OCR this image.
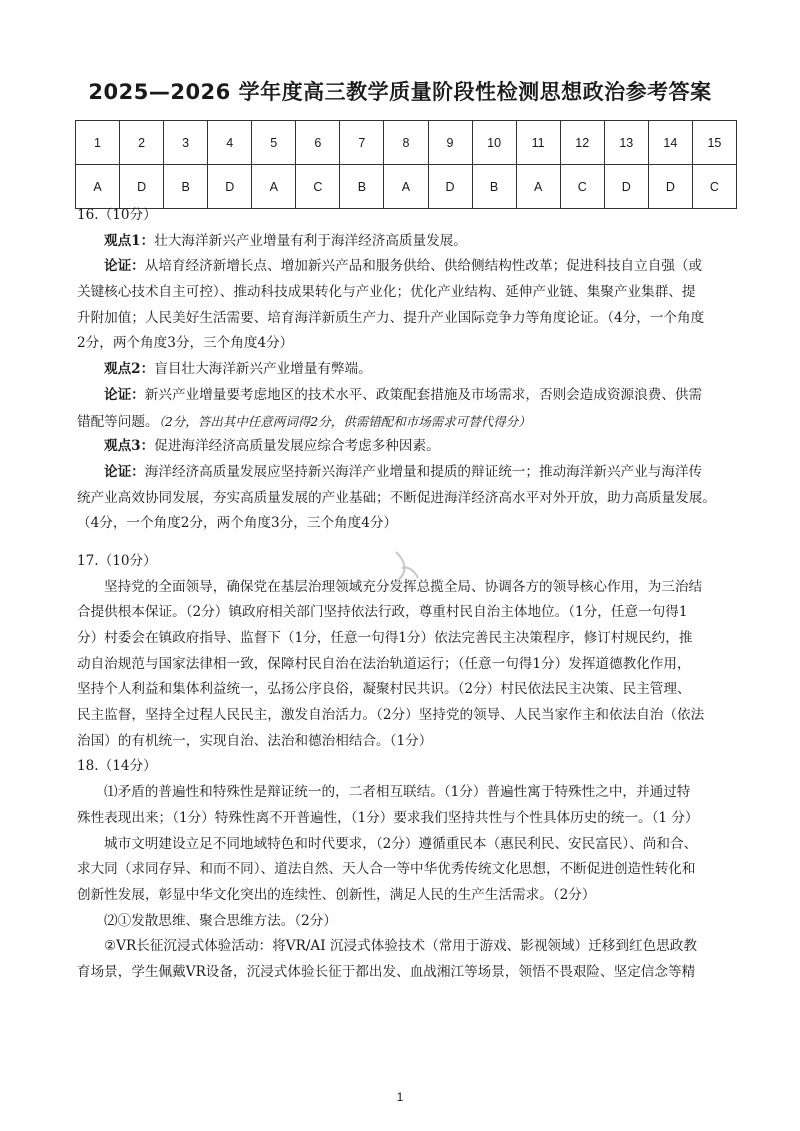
2025—2026 学年度高三教学质量阶段性检测思想政治参考答案
1	2	3	4	5	6	7	8	9	10	11	12	13	14	15
A	D	B	D	A	C	B	A	D	B	A	C	D	D	C
16.（10分）
观点1：壮大海洋新兴产业增量有利于海洋经济高质量发展。
论证：从培育经济新增长点、增加新兴产品和服务供给、供给侧结构性改革；促进科技自立自强（或
关键核心技术自主可控）、推动科技成果转化与产业化；优化产业结构、延伸产业链、集聚产业集群、提
升附加值；人民美好生活需要、培育海洋新质生产力、提升产业国际竞争力等角度论证。（4分，一个角度
2分，两个角度3分，三个角度4分）
观点2：盲目壮大海洋新兴产业增量有弊端。
论证：新兴产业增量要考虑地区的技术水平、政策配套措施及市场需求，否则会造成资源浪费、供需
错配等问题。（2分，答出其中任意两词得2分，供需错配和市场需求可替代得分）
观点3：促进海洋经济高质量发展应综合考虑多种因素。
论证：海洋经济高质量发展应坚持新兴海洋产业增量和提质的辩证统一；推动海洋新兴产业与海洋传
统产业高效协同发展，夯实高质量发展的产业基础；不断促进海洋经济高水平对外开放，助力高质量发展。
（4分，一个角度2分，两个角度3分，三个角度4分）
17.（10分）
坚持党的全面领导，确保党在基层治理领域充分发挥总揽全局、协调各方的领导核心作用，为三治结
合提供根本保证。（2分）镇政府相关部门坚持依法行政，尊重村民自治主体地位。（1分，任意一句得1
分）村委会在镇政府指导、监督下（1分，任意一句得1分）依法完善民主决策程序，修订村规民约，推
动自治规范与国家法律相一致，保障村民自治在法治轨道运行；（任意一句得1分）发挥道德教化作用，
坚持个人利益和集体利益统一，弘扬公序良俗，凝聚村民共识。（2分）村民依法民主决策、民主管理、
民主监督，坚持全过程人民民主，激发自治活力。（2分）坚持党的领导、人民当家作主和依法自治（依法
治国）的有机统一，实现自治、法治和德治相结合。（1分）
18.（14分）
⑴矛盾的普遍性和特殊性是辩证统一的，二者相互联结。（1分）普遍性寓于特殊性之中，并通过特
殊性表现出来；（1分）特殊性离不开普遍性，（1分）要求我们坚持共性与个性具体历史的统一。（1 分）
城市文明建设立足不同地域特色和时代要求，（2分）遵循重民本（惠民利民、安民富民）、尚和合、
求大同（求同存异、和而不同）、道法自然、天人合一等中华优秀传统文化思想，不断促进创造性转化和
创新性发展，彰显中华文化突出的连续性、创新性，满足人民的生产生活需求。（2分）
⑵①发散思维、聚合思维方法。（2分）
②VR长征沉浸式体验活动：将VR/AI 沉浸式体验技术（常用于游戏、影视领域）迁移到红色思政教
育场景，学生佩戴VR设备，沉浸式体验长征于都出发、血战湘江等场景，领悟不畏艰险、坚定信念等精
1
